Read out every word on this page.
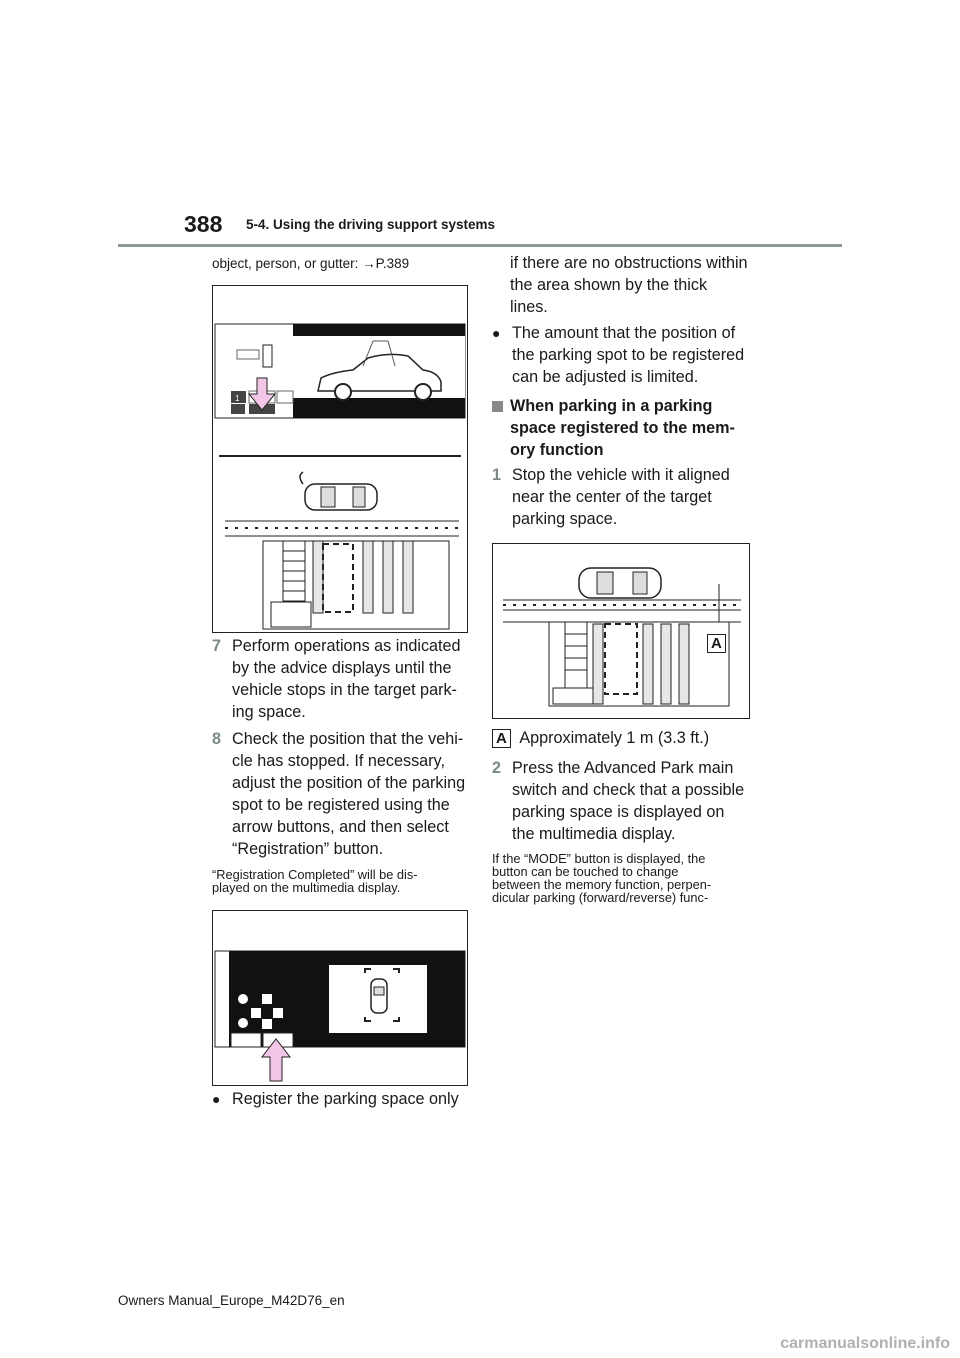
388 5-4. Using the driving support systems
object, person, or gutter: →P.389
1
7 Perform operations as indicated
by the advice displays until the
vehicle stops in the target park-
ing space.
8 Check the position that the vehi-
cle has stopped. If necessary,
adjust the position of the parking
spot to be registered using the
arrow buttons, and then select
“Registration” button.
“Registration Completed” will be dis-
played on the multimedia display.
● Register the parking space only
if there are no obstructions within
the area shown by the thick
lines.
● The amount that the position of
the parking spot to be registered
can be adjusted is limited.
When parking in a parking
space registered to the mem-
ory function
1 Stop the vehicle with it aligned
near the center of the target
parking space.
A
A Approximately 1 m (3.3 ft.)
2 Press the Advanced Park main
switch and check that a possible
parking space is displayed on
the multimedia display.
If the “MODE” button is displayed, the
button can be touched to change
between the memory function, perpen-
dicular parking (forward/reverse) func-
Owners Manual_Europe_M42D76_en
carmanualsonline.info
